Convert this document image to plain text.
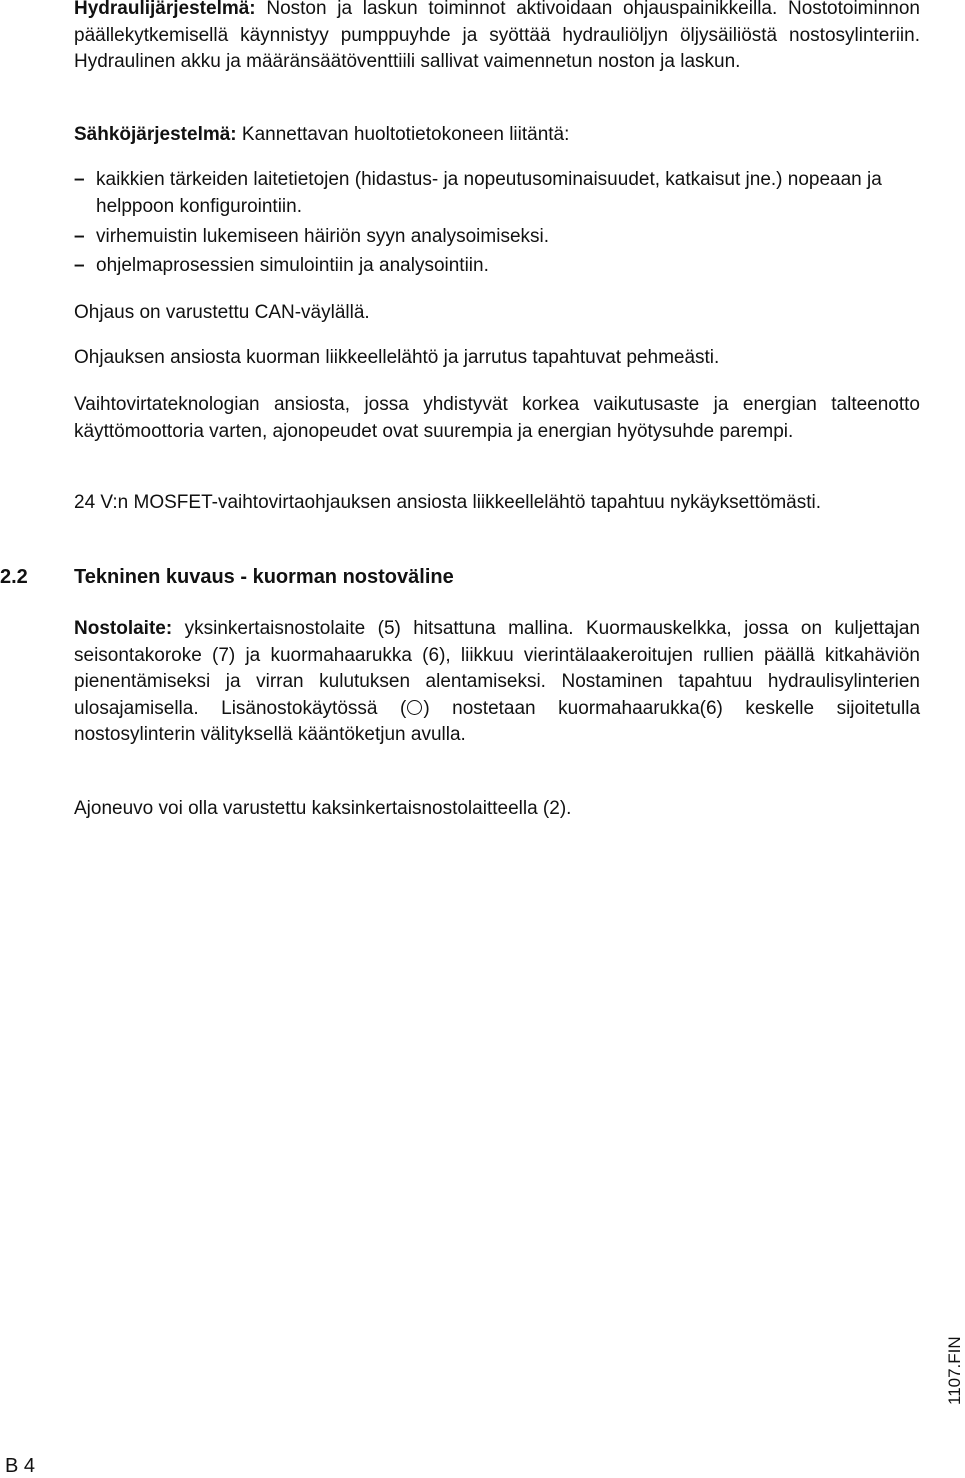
Hydraulijärjestelmä: Noston ja laskun toiminnot aktivoidaan ohjauspainikkeilla. Nostotoiminnon päällekytkemisellä käynnistyy pumppuyhde ja syöttää hydrauliöljyn öljysäiliöstä nostosylinteriin. Hydraulinen akku ja määränsäätöventtiili sallivat vaimennetun noston ja laskun.

Sähköjärjestelmä: Kannettavan huoltotietokoneen liitäntä:

– kaikkien tärkeiden laitetietojen (hidastus- ja nopeutusominaisuudet, katkaisut jne.) nopeaan ja helppoon konfigurointiin.
– virhemuistin lukemiseen häiriön syyn analysoimiseksi.
– ohjelmaprosessien simulointiin ja analysointiin.

Ohjaus on varustettu CAN-väylällä.

Ohjauksen ansiosta kuorman liikkeellelähtö ja jarrutus tapahtuvat pehmeästi.

Vaihtovirtateknologian ansiosta, jossa yhdistyvät korkea vaikutusaste ja energian talteenotto käyttömoottoria varten, ajonopeudet ovat suurempia ja energian hyötysuhde parempi.

24 V:n MOSFET-vaihtovirtaohjauksen ansiosta liikkeellelähtö tapahtuu nykäyksettömästi.

2.2 Tekninen kuvaus - kuorman nostoväline

Nostolaite: yksinkertaisnostolaite (5) hitsattuna mallina. Kuormauskelkka, jossa on kuljettajan seisontakoroke (7) ja kuormahaarukka (6), liikkuu vierintälaakeroitujen rullien päällä kitkahäviön pienentämiseksi ja virran kulutuksen alentamiseksi. Nostaminen tapahtuu hydraulisylinterien ulosajamisella. Lisänostokäytössä ( ) nostetaan kuormahaarukka(6) keskelle sijoitetulla nostosylinterin välityksellä kääntöketjun avulla.

Ajoneuvo voi olla varustettu kaksinkertaisnostolaitteella (2).

1107.FIN
B 4
